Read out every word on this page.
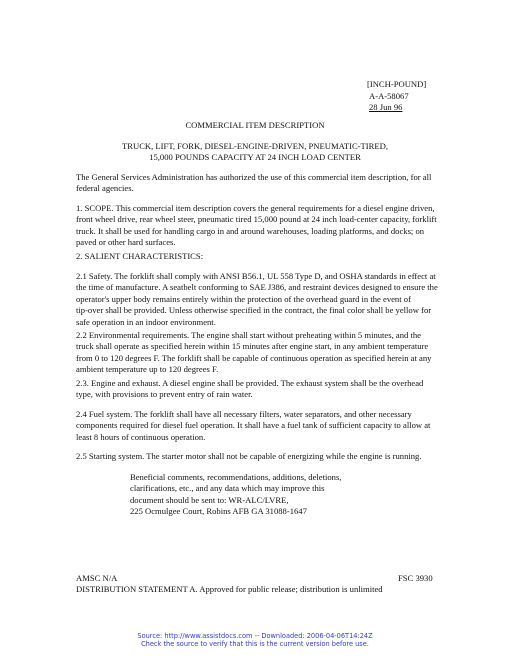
[INCH-POUND]
A-A-58067
28 Jun 96
COMMERCIAL ITEM DESCRIPTION
TRUCK, LIFT, FORK, DIESEL-ENGINE-DRIVEN, PNEUMATIC-TIRED,
15,000 POUNDS CAPACITY AT 24 INCH LOAD CENTER
The General Services Administration has authorized the use of this commercial item description, for all
federal agencies.
1. SCOPE. This commercial item description covers the general requirements for a diesel engine driven,
front wheel drive, rear wheel steer, pneumatic tired 15,000 pound at 24 inch load-center capacity, forklift
truck. It shall be used for handling cargo in and around warehouses, loading platforms, and docks; on
paved or other hard surfaces.
2. SALIENT CHARACTERISTICS:
2.1 Safety. The forklift shall comply with ANSI B56.1, UL 558 Type D, and OSHA standards in effect at
the time of manufacture. A seatbelt conforming to SAE J386, and restraint devices designed to ensure the
operator's upper body remains entirely within the protection of the overhead guard in the event of
tip-over shall be provided. Unless otherwise specified in the contract, the final color shall be yellow for
safe operation in an indoor environment.
2.2 Environmental requirements. The engine shall start without preheating within 5 minutes, and the
truck shall operate as specified herein within 15 minutes after engine start, in any ambient temperature
from 0 to 120 degrees F. The forklift shall be capable of continuous operation as specified herein at any
ambient temperature up to 120 degrees F.
2.3. Engine and exhaust. A diesel engine shall be provided. The exhaust system shall be the overhead
type, with provisions to prevent entry of rain water.
2.4 Fuel system. The forklift shall have all necessary filters, water separators, and other necessary
components required for diesel fuel operation. It shall have a fuel tank of sufficient capacity to allow at
least 8 hours of continuous operation.
2.5 Starting system. The starter motor shall not be capable of energizing while the engine is running.
Beneficial comments, recommendations, additions, deletions,
clarifications, etc., and any data which may improve this
document should be sent to: WR-ALC/LVRE,
225 Ocmulgee Court, Robins AFB GA 31088-1647
AMSC N/A	FSC 3930
DISTRIBUTION STATEMENT A. Approved for public release; distribution is unlimited
Source: http://www.assistdocs.com -- Downloaded: 2006-04-06T14:24Z
Check the source to verify that this is the current version before use.
